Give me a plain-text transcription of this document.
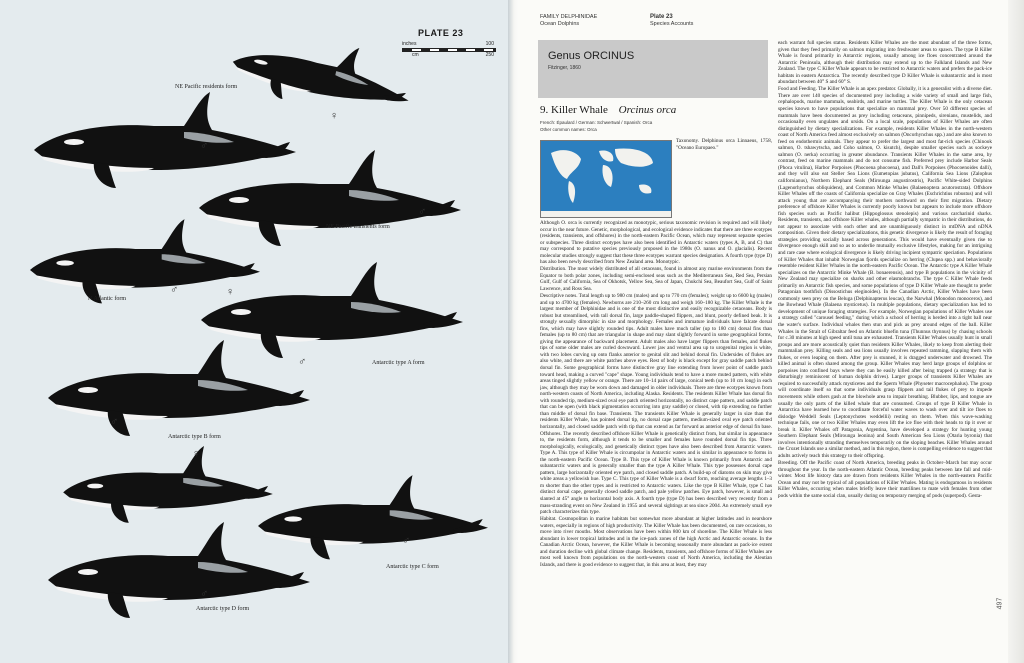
PLATE 23
inches	100
cm	250
NE Pacific residents form
♂
♀
NE Pacific transients form
♂
N Atlantic form
♂	♀
Antarctic type A form
♂
Antarctic type B form
♂
♀
Antarctic type C form
♂
Antarctic type D form
♂
FAMILY DELPHINIDAE
Ocean Dolphins
Plate 23
Species Accounts
Genus ORCINUS
Fitzinger, 1860
9. Killer Whale Orcinus orca
French: Épaulard / German: Schwertwal / Spanish: Orca
Other common names: Orca

Taxonomy. Delphinus orca Linnaeus, 1758, "Oceano Europaeo."

Although O. orca is currently recognized as monotypic, serious taxonomic revision is required and will likely occur in the near future. Genetic, morphological, and ecological evidence indicates that there are three ecotypes (residents, transients, and offshores) in the north-eastern Pacific Ocean, which may represent separate species or subspecies. Three distinct ecotypes have also been identified in Antarctic waters (types A, B, and C) that may correspond to putative species previously proposed in the 1980s (O. nanus and O. glacialis). Recent molecular studies strongly suggest that these three ecotypes warrant species designation. A fourth type (type D) has also been newly described from New Zealand area. Monotypic.

Distribution. The most widely distributed of all cetaceans, found in almost any marine environments from the Equator to both polar zones, including semi-enclosed seas such as the Mediterranean Sea, Red Sea, Persian Gulf, Gulf of California, Sea of Okhotsk, Yellow Sea, Sea of Japan, Chukchi Sea, Beaufort Sea, Gulf of Saint Lawrence, and Ross Sea.

Descriptive notes. Total length up to 980 cm (males) and up to 770 cm (females); weight up to 6600 kg (males) and up to 4700 kg (females). Newborns are 210–260 cm long and weigh 160–180 kg. The Killer Whale is the largest member of Delphinidae and is one of the most distinctive and easily recognizable cetaceans. Body is robust but streamlined, with tall dorsal fin, large paddle-shaped flippers, and blunt, poorly defined beak. It is strongly sexually dimorphic in size and morphology. Females and immature individuals have falcate dorsal fins, which may have slightly rounded tips. Adult males have much taller (up to 180 cm) dorsal fins than females (up to 80 cm) that are triangular in shape and may slant slightly forward in some geographical forms, giving the appearance of backward placement. Adult males also have larger flippers than females, and flukes tips of some older males are curled downward. Lower jaw and ventral area up to urogenital region is white, with two lobes curving up onto flanks anterior to genital slit and behind dorsal fin. Undersides of flukes are also white, and there are white patches above eyes. Rest of body is black except for gray saddle patch behind dorsal fin. Some geographical forms have distinctive gray line extending from lower point of saddle patch toward head, making a curved "cape" shape. Young individuals tend to have a more muted pattern, with white areas tinged slightly yellow or orange. There are 10–14 pairs of large, conical teeth (up to 10 cm long) in each jaw, although they may be worn down and damaged in older individuals. There are three ecotypes known from north-western coasts of North America, including Alaska. Residents. The residents Killer Whale has dorsal fin with rounded tip, medium-sized oval eye patch oriented horizontally, no distinct cape pattern, and saddle patch that can be open (with black pigmentation occurring into gray saddle) or closed, with tip extending no further than middle of dorsal fin base. Transients. The transients Killer Whale is generally larger in size than the residents Killer Whale, has pointed dorsal tip, no dorsal cape pattern, medium-sized oval eye patch oriented horizontally, and closed saddle patch with tip that can extend as far forward as anterior edge of dorsal fin base. Offshores. The recently described offshore Killer Whale is genetically distinct from, but similar in appearance to, the residents form, although it tends to be smaller and females have rounded dorsal fin tips. Three morphologically, ecologically, and genetically distinct types have also been described from Antarctic waters. Type A. This type of Killer Whale is circumpolar in Antarctic waters and is similar in appearance to forms in the north-eastern Pacific Ocean. Type B. This type of Killer Whale is known primarily from Antarctic and subantarctic waters and is generally smaller than the type A Killer Whale. This type possesses dorsal cape pattern, large horizontally oriented eye patch, and closed saddle patch. A build-up of diatoms on skin may give white areas a yellowish hue. Type C. This type of Killer Whale is a dwarf form, reaching average lengths 1–3 m shorter than the other types and is restricted to Antarctic waters. Like the type B Killer Whale, type C has distinct dorsal cape, generally closed saddle patch, and pale yellow patches. Eye patch, however, is small and slanted at 45° angle to horizontal body axis. A fourth type (type D) has been described very recently from a mass-stranding event on New Zealand in 1955 and several sightings at sea since 2004. An extremely small eye patch characterizes this type.

Habitat. Cosmopolitan in marine habitats but somewhat more abundant at higher latitudes and in nearshore waters, especially in regions of high productivity. The Killer Whale has been documented, on rare occasions, to move into river mouths. Most observations have been within 800 km of shoreline. The Killer Whale is less abundant in lower tropical latitudes and in the ice-pack zones of the high Arctic and Antarctic oceans. In the Canadian Arctic Ocean, however, the Killer Whale is becoming seasonally more abundant as pack-ice extent and duration decline with global climate change. Residents, transients, and offshore forms of Killer Whales are most well known from populations on the north-western coast of North America, including the Aleutian Islands, and there is good evidence to suggest that, in this area at least, they may

each warrant full species status. Residents Killer Whales are the most abundant of the three forms, given that they feed primarily on salmon migrating into freshwater areas to spawn. The type B Killer Whale is found primarily in Antarctic regions, usually among ice floes concentrated around the Antarctic Peninsula, although their distribution may extend up to the Falkland Islands and New Zealand. The type C Killer Whale appears to be restricted to Antarctic waters and prefers the pack-ice habitats in eastern Antarctica. The recently described type D Killer Whale is subantarctic and is most abundant between 40° S and 60° S.

Food and Feeding. The Killer Whale is an apex predator. Globally, it is a generalist with a diverse diet. There are over 140 species of documented prey including a wide variety of small and large fish, cephalopods, marine mammals, seabirds, and marine turtles. The Killer Whale is the only cetacean species known to have populations that specialize on mammal prey. Over 50 different species of mammals have been documented as prey including cetaceans, pinnipeds, sirenians, mustelids, and occasionally even ungulates and ursids. On a local scale, populations of Killer Whales are often distinguished by dietary specializations. For example, residents Killer Whales in the north-western coast of North America feed almost exclusively on salmon (Oncorhynchus spp.) and are also known to feed on endothermic animals. They appear to prefer the largest and most fat-rich species (Chinook salmon, O. tshawytscha, and Coho salmon, O. kisutch), despite smaller species such as sockeye salmon (O. nerka) occurring in greater abundance. Transients Killer Whales in the same area, by contrast, feed on marine mammals and do not consume fish. Preferred prey include Harbor Seals (Phoca vitulina), Harbor Porpoises (Phocoena phocoena), and Dall's Porpoises (Phocoenoides dalli), and they will also eat Steller Sea Lions (Eumetopias jubatus), California Sea Lions (Zalophus californianus), Northern Elephant Seals (Mirounga angustirostris), Pacific White-sided Dolphins (Lagenorhynchus obliquidens), and Common Minke Whales (Balaenoptera acutorostrata). Offshore Killer Whales off the coasts of California specialize on Gray Whales (Eschrichtius robustus) and will attack young that are accompanying their mothers northward on their first migration. Dietary preference of offshore Killer Whales is currently poorly known but appears to include more offshore fish species such as Pacific halibut (Hippoglossus stenolepis) and various carcharinid sharks. Residents, transients, and offshore Killer whales, although partially sympatric in their distributions, do not appear to associate with each other and are unambiguously distinct in mtDNA and nDNA composition. Given their dietary specializations, this genetic divergence is likely the result of foraging strategies providing socially based across generations. This would have eventually given rise to divergence enough skill and so as to underlie mutually exclusive lifestyles, making for an intriguing and rare case where ecological divergence is likely driving incipient sympatric speciation. Populations of Killer Whales that inhabit Norwegian fjords specialize on herring (Clupea spp.) and behaviorally resemble resident Killer Whales in the north-eastern Pacific Ocean. The Antarctic type A Killer Whale specializes on the Antarctic Minke Whale (B. bonaerensis), and type B populations in the vicinity of New Zealand may specialize on sharks and other elasmobranchs. The type C Killer Whale feeds primarily on Antarctic fish species, and some populations of type D Killer Whale are thought to prefer Patagonian toothfish (Dissostichus eleginoides). In the Canadian Arctic, Killer Whales have been commonly seen prey on the Beluga (Delphinapterus leucas), the Narwhal (Monodon monoceros), and the Bowhead Whale (Balaena mysticetus). In multiple populations, dietary specialization has led to development of unique foraging strategies. For example, Norwegian populations of Killer Whales use a strategy called "carousel feeding," during which a school of herring is herded into a tight ball near the water's surface. Individual whales then stun and pick as prey around edges of the ball. Killer Whales in the Strait of Gibraltar feed on Atlantic bluefin tuna (Thunnus thynnus) by chasing schools for c.30 minutes at high speed until tuna are exhausted. Transients Killer Whales usually hunt in small groups and are more acoustically quiet than residents Killer Whales, likely to keep from alerting their mammalian prey. Killing seals and sea lions usually involves repeated ramming, slapping them with flukes, or even leaping on them. After prey is stunned, it is dragged underwater and drowned. The killed animal is often shared among the group. Killer Whales may herd large groups of dolphins or porpoises into confined bays where they can be easily killed after being trapped (a strategy that is disturbingly reminiscent of human dolphin drives). Larger groups of transients Killer Whales are required to successfully attack mysticetes and the Sperm Whale (Physeter macrocephalus). The group will coordinate itself so that some individuals grasp flippers and tail flukes of prey to impede movements while others gash at the blowhole area to impair breathing. Blubber, lips, and tongue are usually the only parts of the killed whale that are consumed. Groups of type B Killer Whale in Antarctica have learned how to coordinate forceful water waves to wash over and tilt ice floes to dislodge Weddell Seals (Leptonychotes weddellii) resting on them. When this wave-washing technique fails, one or two Killer Whales may even lift the ice floe with their heads to tip it over or break it. Killer Whales off Patagonia, Argentina, have developed a strategy for hunting young Southern Elephant Seals (Mirounga leonina) and South American Sea Lions (Otaria byronia) that involves intentionally stranding themselves temporarily on the sloping beaches. Killer Whales around the Crozet Islands use a similar method, and in this region, there is compelling evidence to suggest that adults actively teach this strategy to their offspring.

Breeding. Off the Pacific coast of North America, breeding peaks in October–March but may occur throughout the year. In the north-eastern Atlantic Ocean, breeding peaks between late fall and mid-winter. Most life history data are drawn from residents Killer Whales in the north-eastern Pacific Ocean and may not be typical of all populations of Killer Whales. Mating is endogamous in residents Killer Whales, occurring when males briefly leave their matrilines to mate with females from other pods within the same social clan, usually during on temporary merging of pods (superpod). Gesta-

497
